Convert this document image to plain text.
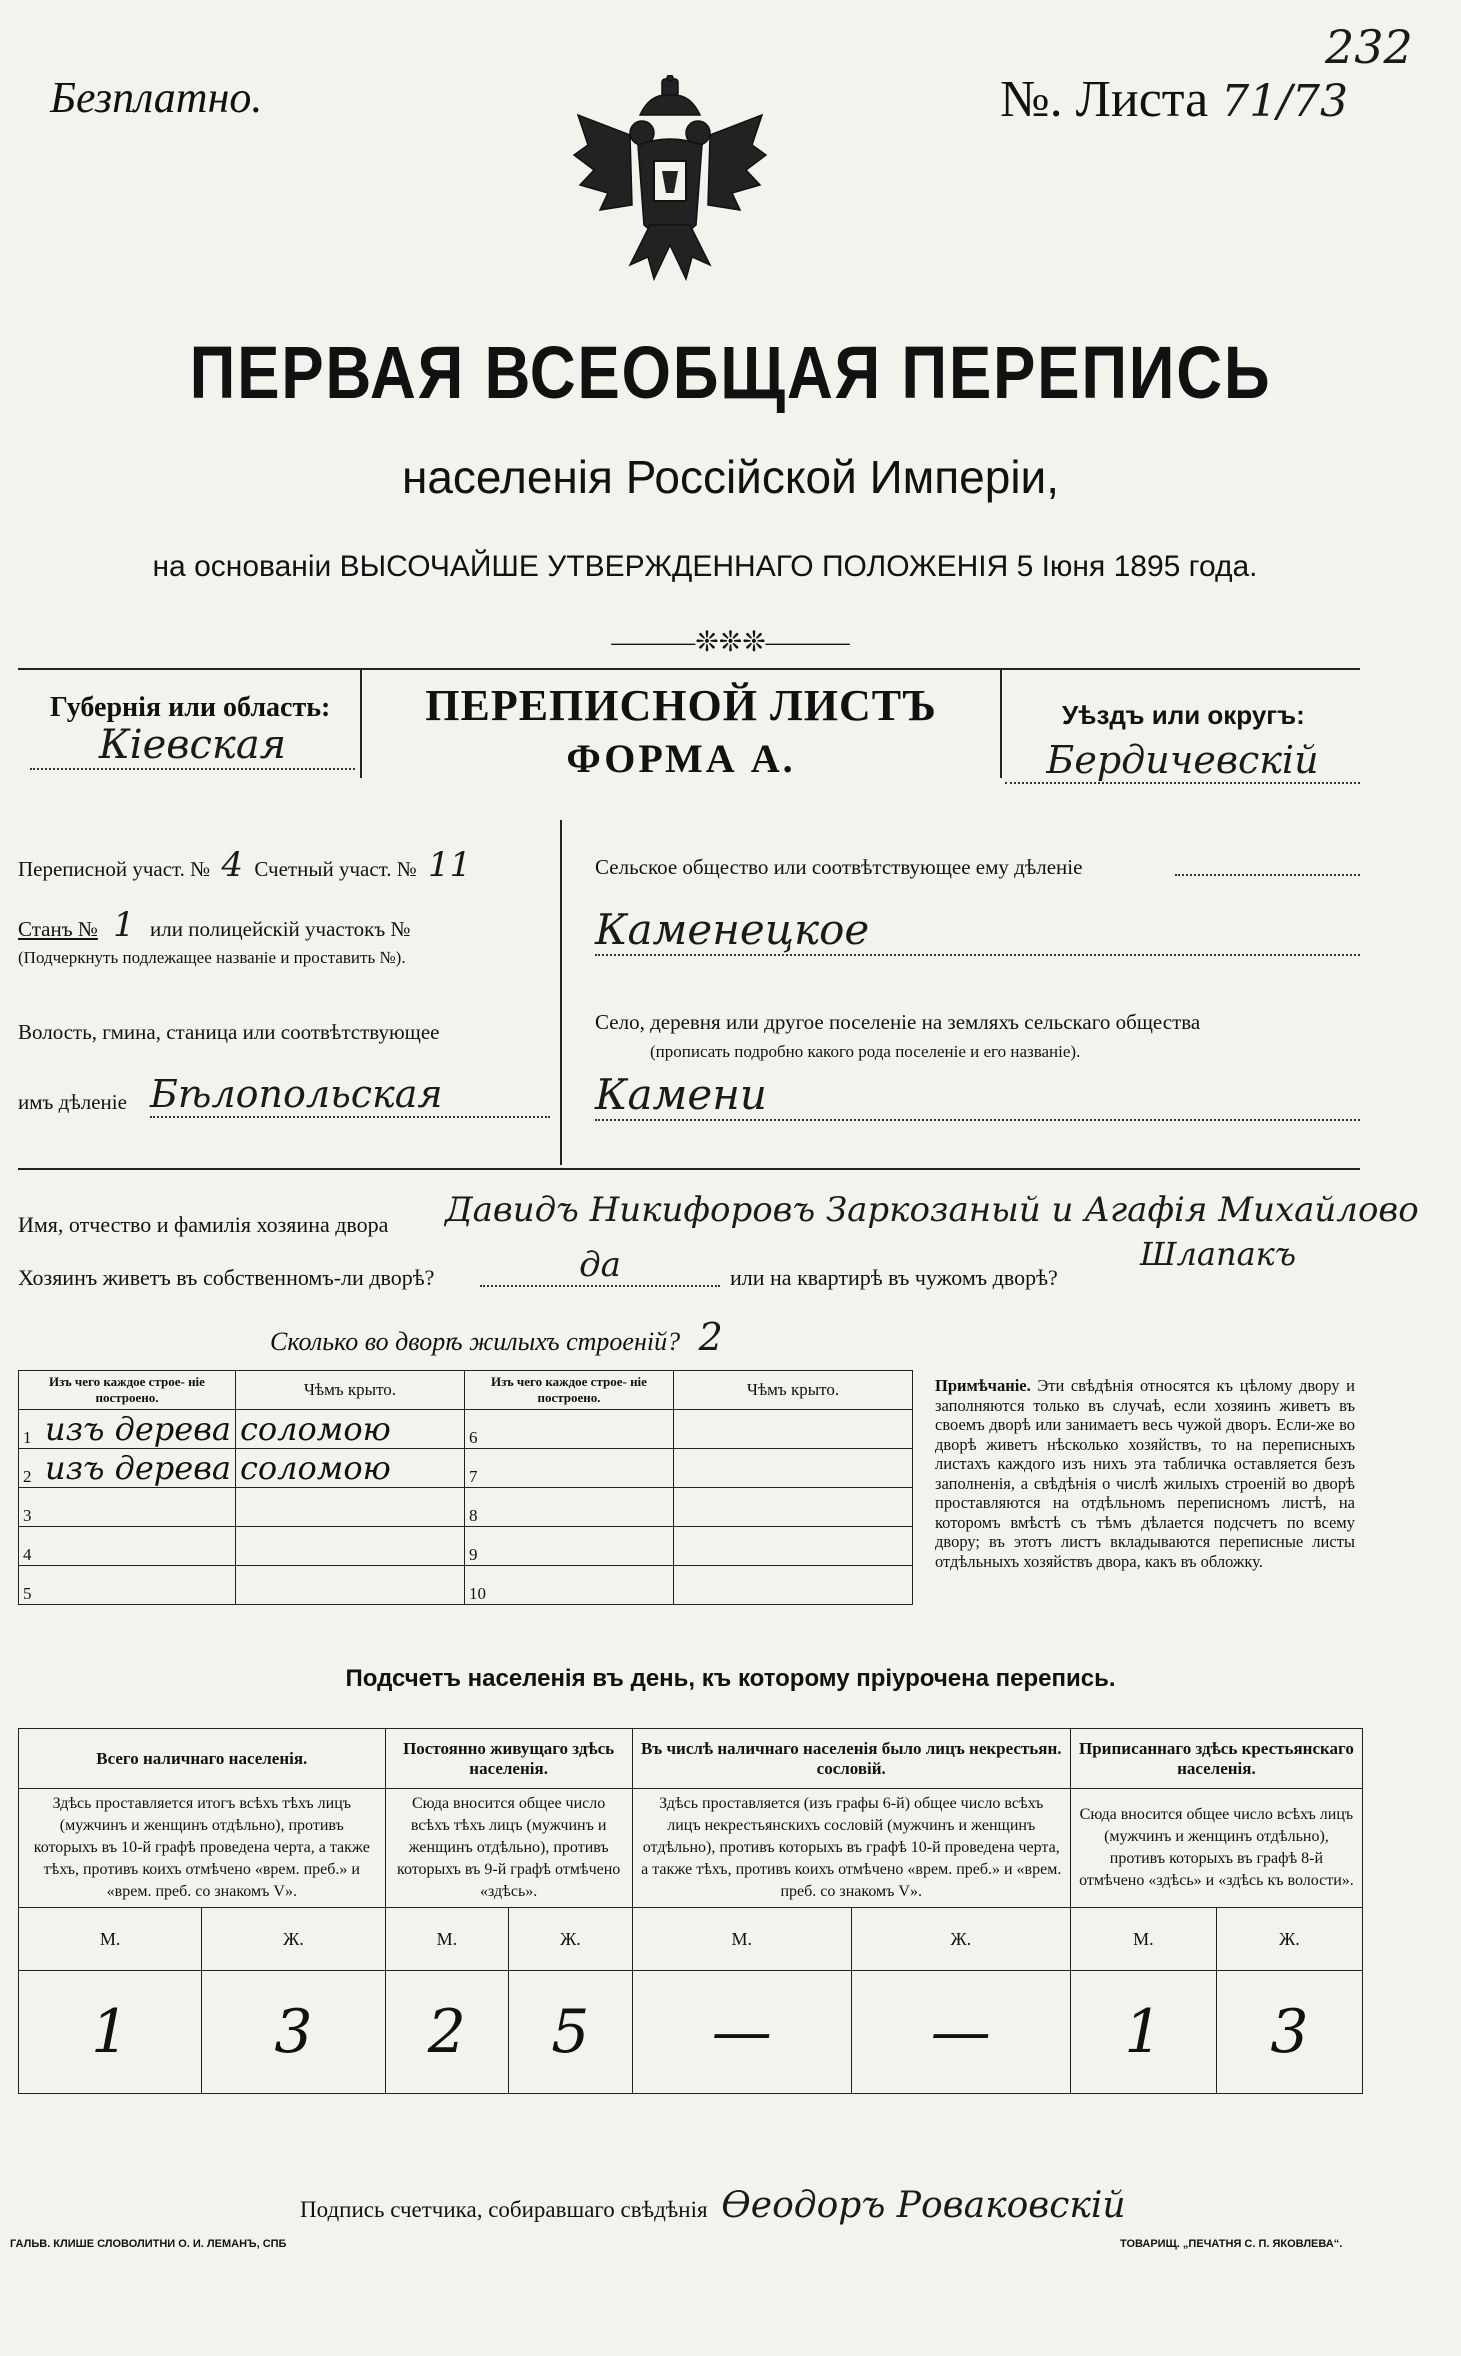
Безплатно.	№. Листа 71/73
232
ПЕРВАЯ ВСЕОБЩАЯ ПЕРЕПИСЬ
населенія Россійской Имперіи,
на основаніи ВЫСОЧАЙШЕ УТВЕРЖДЕННАГО ПОЛОЖЕНІЯ 5 Іюня 1895 года.
———❊❊❊———
Губернія или область:
Кіевская
ПЕРЕПИСНОЙ ЛИСТЪ
ФОРМА А.
Уѣздъ или округъ:
Бердичевскій
Переписной участ. № 4 Счетный участ. № 11
Станъ № 1 или полицейскій участокъ №
(Подчеркнуть подлежащее названіе и проставить №).
Волость, гмина, станица или соотвѣтствующее
имъ дѣленіе Бѣлопольская
Сельское общество или соотвѣтствующее ему дѣленіе
Каменецкое
Село, деревня или другое поселеніе на земляхъ сельскаго общества
(прописать подробно какого рода поселеніе и его названіе).
Камени
Имя, отчество и фамилія хозяина двора Давидъ Никифоровъ Заркозаный и Агафія Михайлово
Шлапакъ
Хозяинъ живетъ въ собственномъ-ли дворѣ?	да	или на квартирѣ въ чужомъ дворѣ?
Сколько во дворѣ жилыхъ строеній? 2
Изъ чего каждое строе- ніе построено.		Чѣмъ крыто.	Изъ чего каждое строе- ніе построено.		Чѣмъ крыто.
1	изъ дерева	соломою	6		
2	изъ дерева	соломою	7		
3			8		
4			9		
5			10		
Примѣчаніе. Эти свѣдѣнія относятся къ цѣлому двору и заполняются только въ случаѣ, если хозяинъ живетъ въ своемъ дворѣ или занимаетъ весь чужой дворъ. Если-же во дворѣ живетъ нѣсколько хозяйствъ, то на переписныхъ листахъ каждого изъ нихъ эта табличка оставляется безъ заполненія, а свѣдѣнія о числѣ жилыхъ строеній во дворѣ проставляются на отдѣльномъ переписномъ листѣ, на которомъ вмѣстѣ съ тѣмъ дѣлается подсчетъ по всему двору; въ этотъ листъ вкладываются переписные листы отдѣльныхъ хозяйствъ двора, какъ въ обложку.
Подсчетъ населенія въ день, къ которому пріурочена перепись.
Всего наличнаго населенія.		Постоянно живущаго здѣсь населенія.		Въ числѣ наличнаго населенія было лицъ некрестьян. сословій.		Приписаннаго здѣсь крестьянскаго населенія.	
Здѣсь проставляется итогъ всѣхъ тѣхъ лицъ (мужчинъ и женщинъ отдѣльно), противъ которыхъ въ 10-й графѣ проведена черта, а также тѣхъ, противъ коихъ отмѣчено «врем. преб.» и «врем. преб. со знакомъ V».		Сюда вносится общее число всѣхъ тѣхъ лицъ (мужчинъ и женщинъ отдѣльно), противъ которыхъ въ 9-й графѣ отмѣчено «здѣсь».		Здѣсь проставляется (изъ графы 6-й) общее число всѣхъ лицъ некрестьянскихъ сословій (мужчинъ и женщинъ отдѣльно), противъ которыхъ въ графѣ 10-й проведена черта, а также тѣхъ, противъ коихъ отмѣчено «врем. преб.» и «врем. преб. со знакомъ V».		Сюда вносится общее число всѣхъ лицъ (мужчинъ и женщинъ отдѣльно), противъ которыхъ въ графѣ 8-й отмѣчено «здѣсь» и «здѣсь къ волости».	
М.	Ж.	М.	Ж.	М.	Ж.	М.	Ж.
1	3	2	5	—	—	1	3
Подпись счетчика, собиравшаго свѣдѣнія Ѳеодоръ Роваковскій
ГАЛЬВ. КЛИШЕ СЛОВОЛИТНИ О. И. ЛЕМАНЪ, СПБ	ТОВАРИЩ. „ПЕЧАТНЯ С. П. ЯКОВЛЕВА“.
